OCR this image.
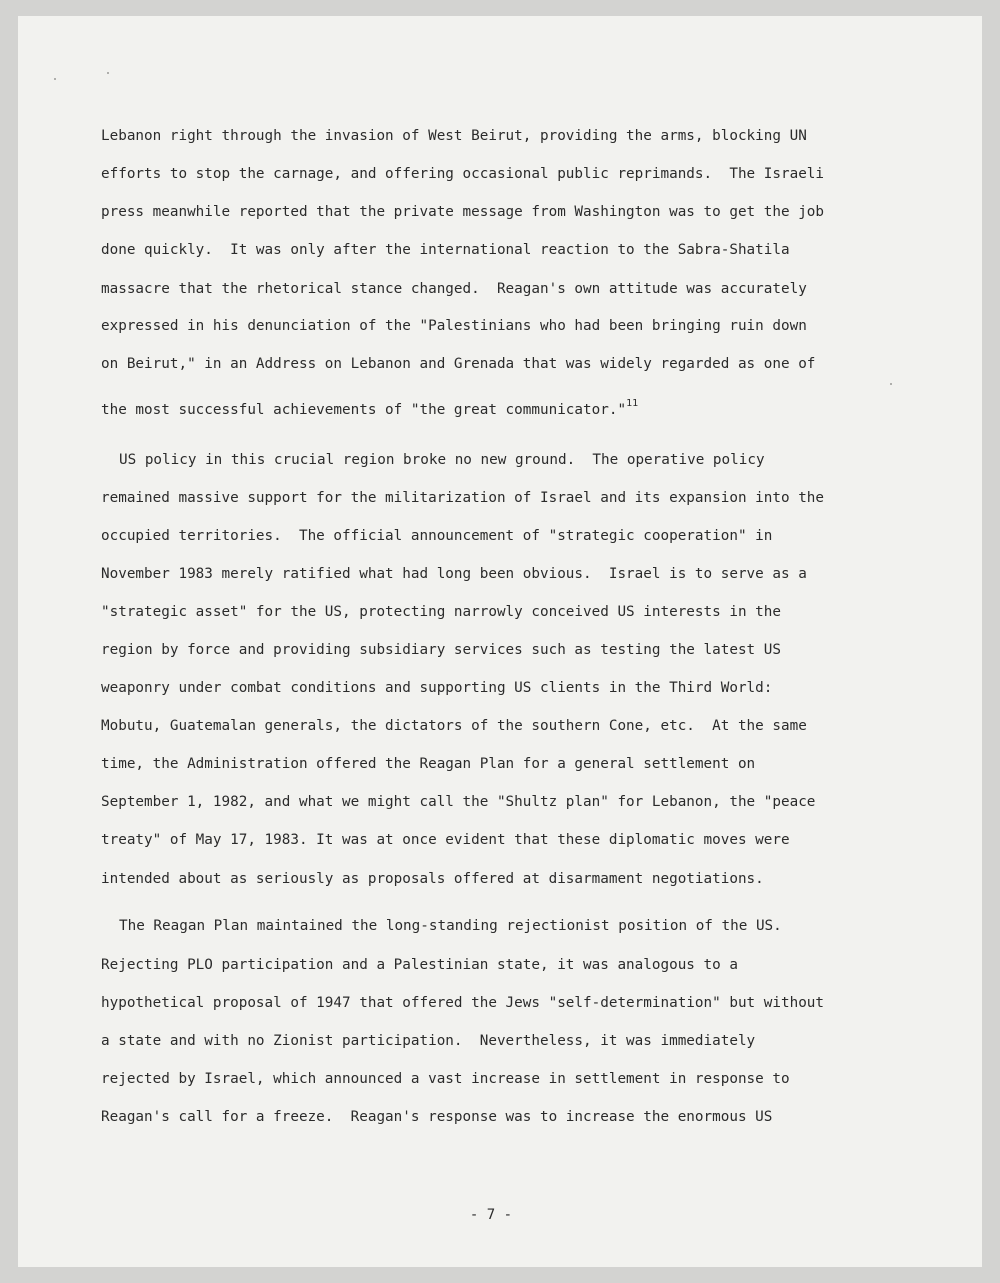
Lebanon right through the invasion of West Beirut, providing the arms, blocking UN
efforts to stop the carnage, and offering occasional public reprimands.  The Israeli
press meanwhile reported that the private message from Washington was to get the job
done quickly.  It was only after the international reaction to the Sabra-Shatila
massacre that the rhetorical stance changed.  Reagan's own attitude was accurately
expressed in his denunciation of the "Palestinians who had been bringing ruin down
on Beirut," in an Address on Lebanon and Grenada that was widely regarded as one of
the most successful achievements of "the great communicator."$^{11}$
US policy in this crucial region broke no new ground.  The operative policy
remained massive support for the militarization of Israel and its expansion into the
occupied territories.  The official announcement of "strategic cooperation" in
November 1983 merely ratified what had long been obvious.  Israel is to serve as a
"strategic asset" for the US, protecting narrowly conceived US interests in the
region by force and providing subsidiary services such as testing the latest US
weaponry under combat conditions and supporting US clients in the Third World:
Mobutu, Guatemalan generals, the dictators of the southern Cone, etc.  At the same
time, the Administration offered the Reagan Plan for a general settlement on
September 1, 1982, and what we might call the "Shultz plan" for Lebanon, the "peace
treaty" of May 17, 1983. It was at once evident that these diplomatic moves were
intended about as seriously as proposals offered at disarmament negotiations.
The Reagan Plan maintained the long-standing rejectionist position of the US.
Rejecting PLO participation and a Palestinian state, it was analogous to a
hypothetical proposal of 1947 that offered the Jews "self-determination" but without
a state and with no Zionist participation.  Nevertheless, it was immediately
rejected by Israel, which announced a vast increase in settlement in response to
Reagan's call for a freeze.  Reagan's response was to increase the enormous US
- 7 -
